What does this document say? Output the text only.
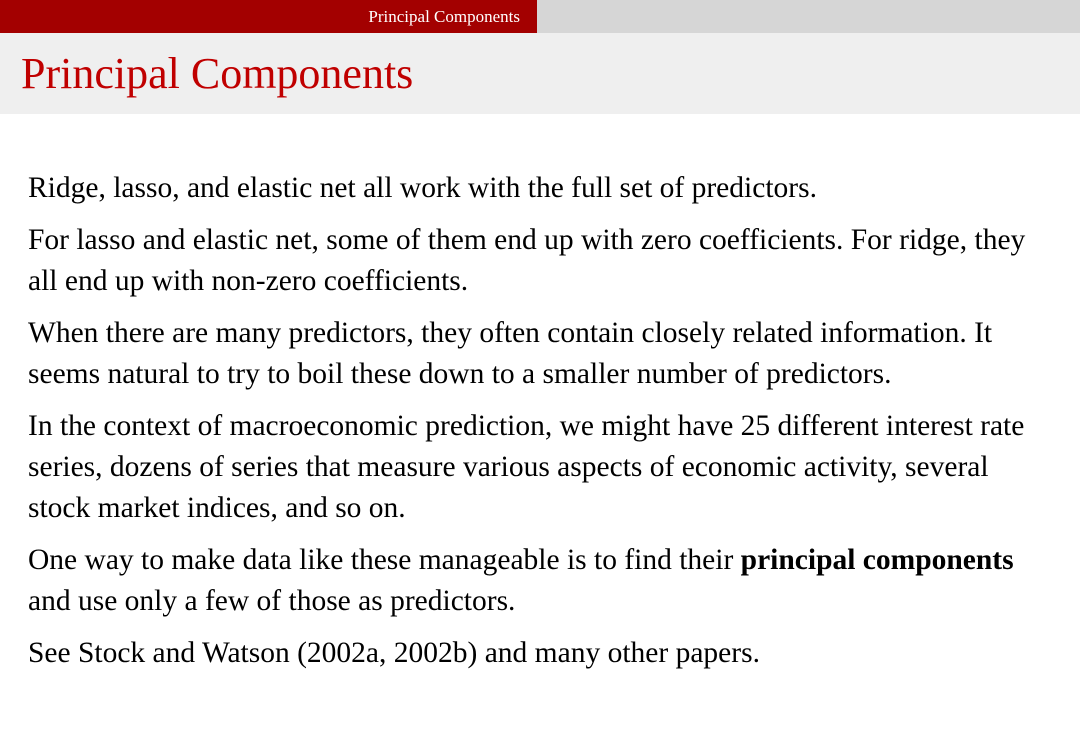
Principal Components
Principal Components

Ridge, lasso, and elastic net all work with the full set of predictors.

For lasso and elastic net, some of them end up with zero coefficients. For ridge, they all end up with non-zero coefficients.

When there are many predictors, they often contain closely related information. It seems natural to try to boil these down to a smaller number of predictors.

In the context of macroeconomic prediction, we might have 25 different interest rate series, dozens of series that measure various aspects of economic activity, several stock market indices, and so on.

One way to make data like these manageable is to find their principal components and use only a few of those as predictors.

See Stock and Watson (2002a, 2002b) and many other papers.
